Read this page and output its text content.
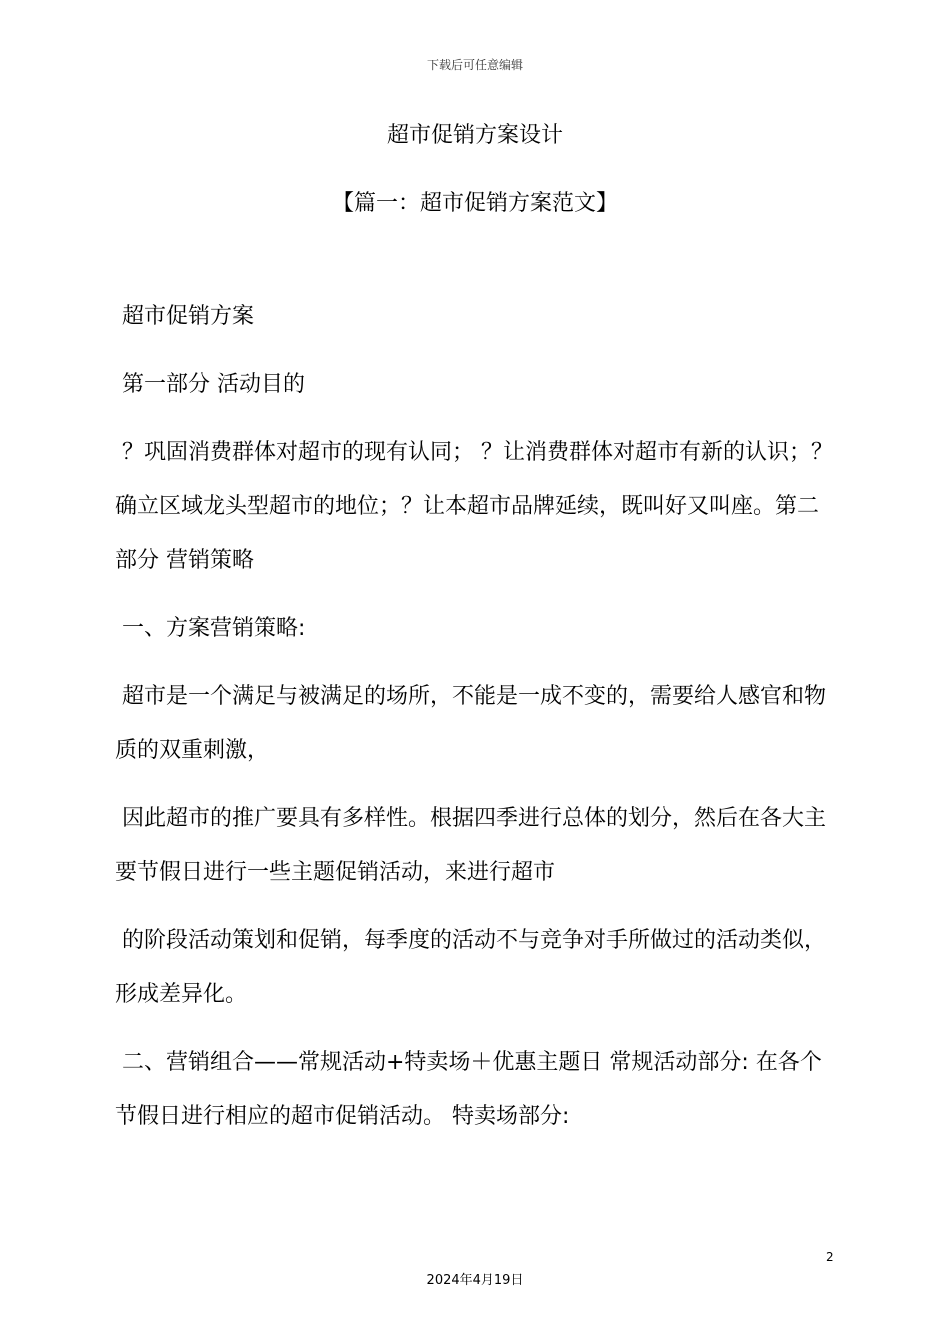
下载后可任意编辑
超市促销方案设计
【篇一：超市促销方案范文】

超市促销方案

第一部分 活动目的

？巩固消费群体对超市的现有认同； ？让消费群体对超市有新的认识；？确立区域龙头型超市的地位；？让本超市品牌延续，既叫好又叫座。第二部分 营销策略

一、方案营销策略:

超市是一个满足与被满足的场所，不能是一成不变的，需要给人感官和物质的双重刺激，

因此超市的推广要具有多样性。根据四季进行总体的划分，然后在各大主要节假日进行一些主题促销活动，来进行超市

的阶段活动策划和促销，每季度的活动不与竞争对手所做过的活动类似，形成差异化。

二、营销组合——常规活动+特卖场＋优惠主题日 常规活动部分: 在各个节假日进行相应的超市促销活动。 特卖场部分:

2
2024年4月19日
